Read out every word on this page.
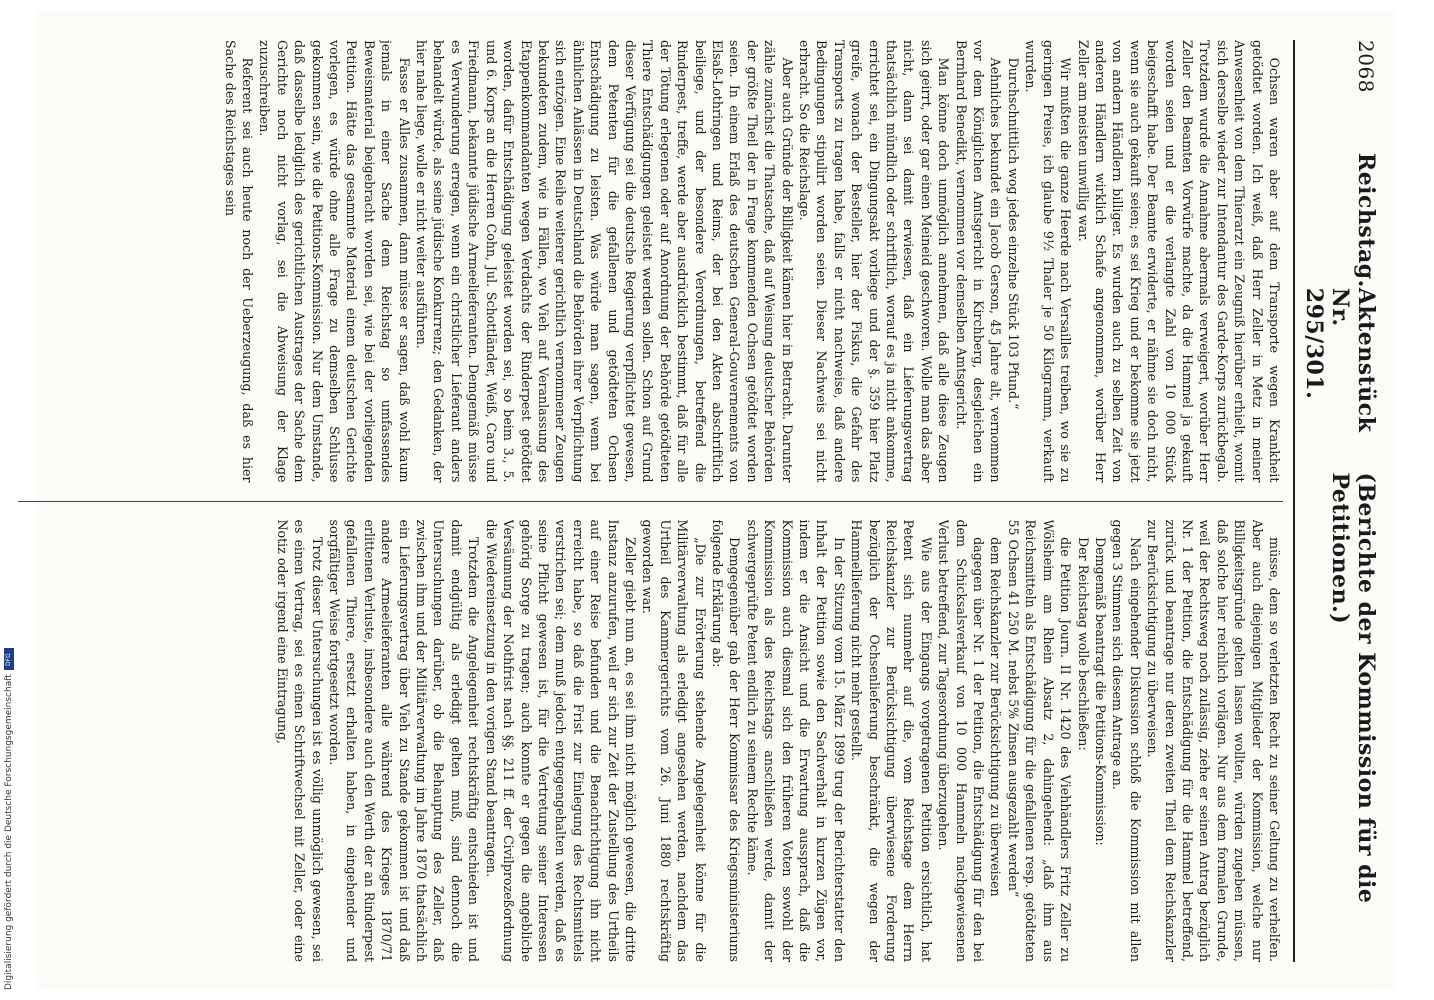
2068
Reichstag.
Aktenstück Nr. 295/301.
(Berichte der Kommission für die Petitionen.)

Ochsen waren aber auf dem Transporte wegen Krankheit getödtet worden. Ich weiß, daß Herr Zeller in Metz in meiner Anwesenheit von dem Thierarzt ein Zeugniß hierüber erhielt, womit sich derselbe wieder zur Intendantur des Garde-Korps zurückbegab. Trotzdem wurde die Annahme abermals verweigert, worüber Herr Zeller den Beamten Vorwürfe machte, da die Hammel ja gekauft worden seien und er die verlangte Zahl von 10 000 Stück beigeschafft habe. Der Beamte erwiderte, er nähme sie doch nicht, wenn sie auch gekauft seien; es sei Krieg und er bekomme sie jetzt von andern Händlern billiger. Es wurden auch zu selben Zeit von anderen Händlern wirklich Schafe angenommen, worüber Herr Zeller am meisten unwillig war.

Wir mußten die ganze Heerde nach Versailles treiben, wo sie zu geringen Preise, ich glaube 9½ Thaler je 50 Kilogramm, verkauft wurden.

Durchschnittlich wog jedes einzelne Stück 103 Pfund.“

Aehnliches bekundet ein Jacob Gerson, 45 Jahre alt, vernommen vor dem Königlichen Amtsgericht in Kirchberg, desgleichen ein Bernhard Benedikt, vernommen vor demselben Amtsgericht.

Man könne doch unmöglich annehmen, daß alle diese Zeugen sich geirrt, oder gar einen Meineid geschworen. Wolle man das aber nicht, dann sei damit erwiesen, daß ein Lieferungsvertrag thatsächlich mündlich oder schriftlich, worauf es ja nicht ankomme, errichtet sei, ein Dingungsakt vorliege und der §. 359 hier Platz greife, wonach der Besteller, hier der Fiskus, die Gefahr des Transports zu tragen habe, falls er nicht nachweise, daß andere Bedingungen stipulirt worden seien. Dieser Nachweis sei nicht erbracht. So die Reichslage.

Aber auch Gründe der Billigkeit kämen hier in Betracht. Darunter zähle zunächst die Thatsache, daß auf Weisung deutscher Behörden der größte Theil der in Frage kommenden Ochsen getödtet worden seien. In einem Erlaß des deutschen General-Gouvernements von Elsaß-Lothringen und Reims, der bei den Akten abschriftlich beiliege, und der besondere Verordnungen, betreffend die Rinderpest, treffe, werde aber ausdrücklich bestimmt, daß für alle der Tötung erlegenen oder auf Anordnung der Behörde getödteten Thiere Entschädigungen geleistet werden sollen. Schon auf Grund dieser Verfügung sei die deutsche Regierung verpflichtet gewesen, dem Petenten für die gefallenen und getödteten Ochsen Entschädigung zu leisten. Was würde man sagen, wenn bei ähnlichen Anlässen in Deutschland die Behörden ihrer Verpflichtung sich entzögen. Eine Reihe weiterer gerichtlich vernommener Zeugen bekundeten zudem, wie in Fällen, wo Vieh auf Veranlassung des Etappenkommandanten wegen Verdachts der Rinderpest getödtet worden, dafür Entschädigung geleistet worden sei, so beim 3., 5. und 6. Korps an die Herren Cohn, Jul. Schottländer, Weiß, Caro und Friedmann, bekannte jüdische Armeelieferanten. Demgemäß müsse es Verwunderung erregen, wenn ein christlicher Lieferant anders behandelt würde, als seine jüdische Konkurrenz; den Gedanken, der hier nahe liege, wolle er nicht weiter ausführen.

Fasse er Alles zusammen, dann müsse er sagen, daß wohl kaum jemals in einer Sache dem Reichstag so umfassendes Beweismaterial beigebracht worden sei, wie bei der vorliegenden Petition. Hätte das gesammte Material einem deutschen Gerichte vorlegen, es würde ohne alle Frage zu demselben Schlusse gekommen sein, wie die Petitions-Kommission. Nur dem Umstande, daß dasselbe lediglich des gerichtlichen Austrages der Sache dem Gerichte noch nicht vorlag, sei die Abweisung der Klage zuzuschreiben.

Referent sei auch heute noch der Ueberzeugung, daß es hier Sache des Reichstages sein

müsse, dem so verletzten Recht zu seiner Geltung zu verhelfen. Aber auch diejenigen Mitglieder der Kommission, welche nur Billigkeitsgründe gelten lassen wollten, würden zugeben müssen, daß solche hier reichlich vorlägen. Nur aus dem formalen Grunde, weil der Rechtsweg noch zulässig, ziehe er seinen Antrag bezüglich Nr. 1 der Petition, die Entschädigung für die Hammel betreffend, zurück und beantrage nur deren zweiten Theil dem Reichskanzler zur Berücksichtigung zu überweisen.

Nach eingehender Diskussion schloß die Kommission mit allen gegen 3 Stimmen sich diesem Antrage an.

Demgemäß beantragt die Petitions-Kommission:

Der Reichstag wolle beschließen:

die Petition Journ. II Nr. 1420 des Viehhändlers Fritz Zeller zu Wölsheim am Rhein Absatz 2, dahingehend: „daß ihm aus Reichsmitteln als Entschädigung für die gefallenen resp. getödteten 55 Ochsen 41 250 M. nebst 5% Zinsen ausgezahlt werden“

dem Reichskanzler zur Berücksichtigung zu überweisen

dagegen über Nr. 1 der Petition, die Entschädigung für den bei dem Schicksalsverkauf von 10 000 Hammeln nachgewiesenen Verlust betreffend, zur Tagesordnung überzugehen.

Wie aus der Eingangs vorgetragenen Petition ersichtlich, hat Petent sich nunmehr auf die, vom Reichstage dem Herrn Reichskanzler zur Berücksichtigung überwiesene Forderung bezüglich der Ochsenlieferung beschränkt, die wegen der Hammellieferung nicht mehr gestellt.

In der Sitzung vom 15. März 1899 trug der Berichterstatter den Inhalt der Petition sowie den Sachverhalt in kurzen Zügen vor, indem er die Ansicht und die Erwartung aussprach, daß die Kommission auch diesmal sich den früheren Voten sowohl der Kommission als des Reichstags anschließen werde, damit der schwergeprüfte Petent endlich zu seinem Rechte käme.

Demgegenüber gab der Herr Kommissar des Kriegsministeriums folgende Erklärung ab:

„Die zur Erörterung stehende Angelegenheit könne für die Militärverwaltung als erledigt angesehen werden, nachdem das Urtheil des Kammergerichts vom 26. Juni 1880 rechtskräftig geworden war.

Zeller giebt nun an, es sei ihm nicht möglich gewesen, die dritte Instanz anzurufen, weil er sich zur Zeit der Zustellung des Urtheils auf einer Reise befunden und die Benachrichtigung ihn nicht erreicht habe, so daß die Frist zur Einlegung des Rechtsmittels verstrichen sei; dem muß jedoch entgegengehalten werden, daß es seine Pflicht gewesen ist, für die Vertretung seiner Interessen gehörig Sorge zu tragen; auch konnte er gegen die angebliche Versäumung der Nothfrist nach §§. 211 ff. der Civilprozeßordnung die Wiedereinsetzung in den vorigen Stand beantragen.

Trotzdem die Angelegenheit rechtskräftig entschieden ist und damit endgültig als erledigt gelten muß, sind dennoch die Untersuchungen darüber, ob die Behauptung des Zeller, daß zwischen ihm und der Militärverwaltung im Jahre 1870 thatsächlich ein Lieferungsvertrag über Vieh zu Stande gekommen ist und daß andere Armeelieferanten alle während des Krieges 1870/71 erlittenen Verluste, insbesondere auch den Werth der an Rinderpest gefallenen Thiere, ersetzt erhalten haben, in eingehender und sorgfältiger Weise fortgesetzt worden.

Trotz dieser Untersuchungen ist es völlig unmöglich gewesen, sei es einen Vertrag, sei es einen Schriftwechsel mit Zeller, oder eine Notiz oder irgend eine Eintragung,

Digitalisierung gefördert durch die Deutsche Forschungsgemeinschaft
DFG
